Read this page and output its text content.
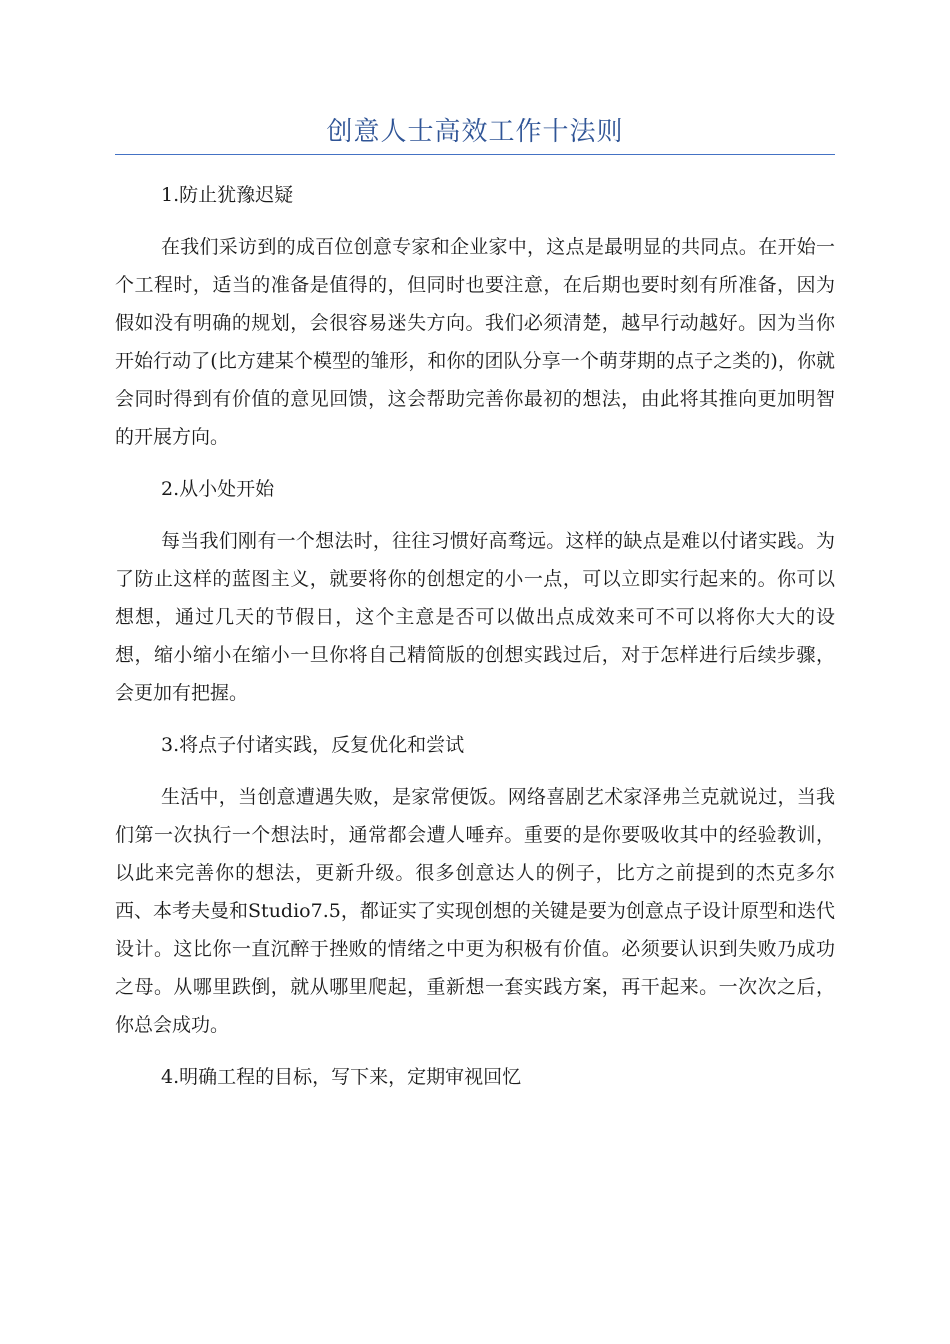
创意人士高效工作十法则

1.防止犹豫迟疑

在我们采访到的成百位创意专家和企业家中，这点是最明显的共同点。在开始一个工程时，适当的准备是值得的，但同时也要注意，在后期也要时刻有所准备，因为假如没有明确的规划，会很容易迷失方向。我们必须清楚，越早行动越好。因为当你开始行动了(比方建某个模型的雏形，和你的团队分享一个萌芽期的点子之类的)，你就会同时得到有价值的意见回馈，这会帮助完善你最初的想法，由此将其推向更加明智的开展方向。

2.从小处开始

每当我们刚有一个想法时，往往习惯好高骛远。这样的缺点是难以付诸实践。为了防止这样的蓝图主义，就要将你的创想定的小一点，可以立即实行起来的。你可以想想，通过几天的节假日，这个主意是否可以做出点成效来可不可以将你大大的设想，缩小缩小在缩小一旦你将自己精简版的创想实践过后，对于怎样进行后续步骤，会更加有把握。

3.将点子付诸实践，反复优化和尝试

生活中，当创意遭遇失败，是家常便饭。网络喜剧艺术家泽弗兰克就说过，当我们第一次执行一个想法时，通常都会遭人唾弃。重要的是你要吸收其中的经验教训，以此来完善你的想法，更新升级。很多创意达人的例子，比方之前提到的杰克多尔西、本考夫曼和Studio7.5，都证实了实现创想的关键是要为创意点子设计原型和迭代设计。这比你一直沉醉于挫败的情绪之中更为积极有价值。必须要认识到失败乃成功之母。从哪里跌倒，就从哪里爬起，重新想一套实践方案，再干起来。一次次之后，你总会成功。

4.明确工程的目标，写下来，定期审视回忆
